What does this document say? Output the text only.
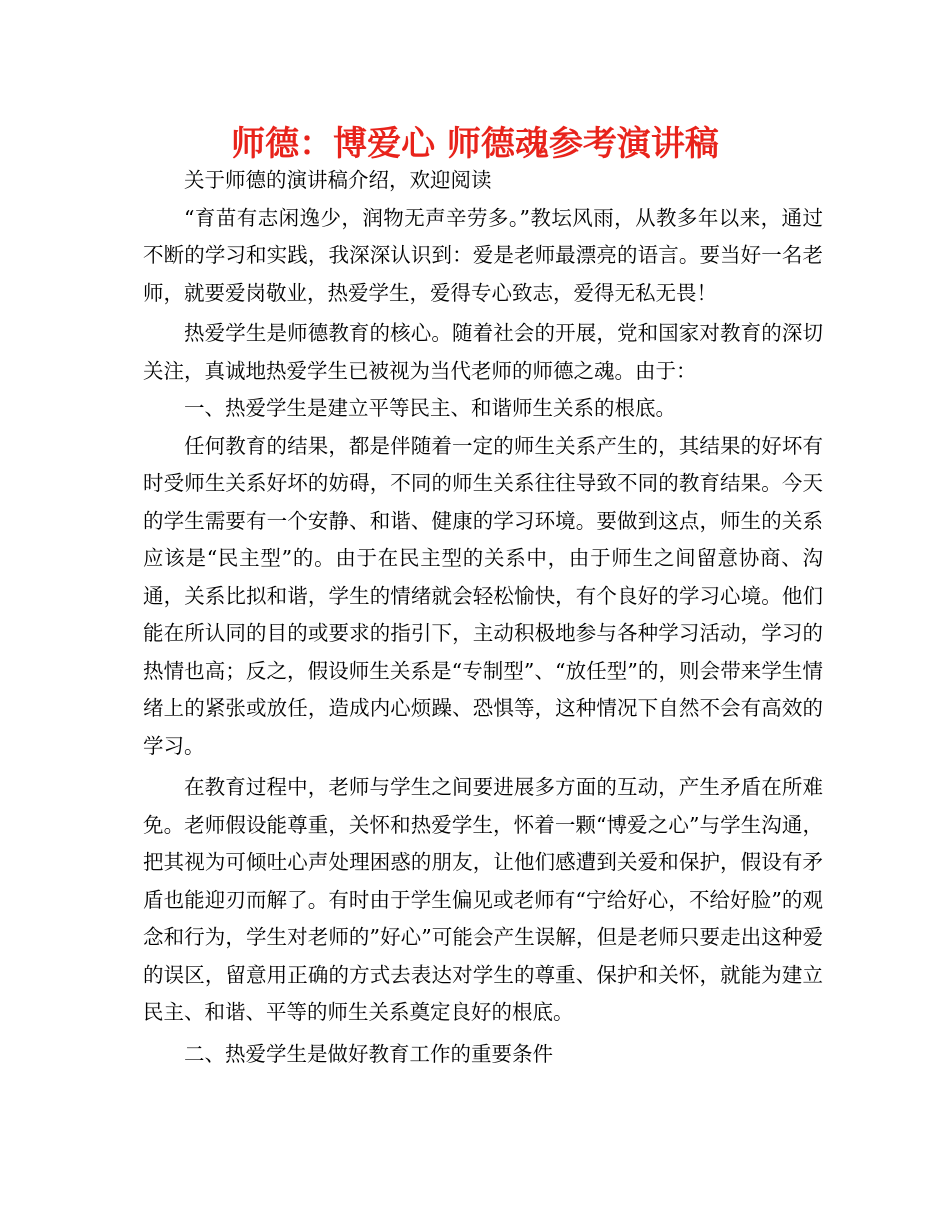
师德：博爱心 师德魂参考演讲稿

关于师德的演讲稿介绍，欢迎阅读

“育苗有志闲逸少，润物无声辛劳多。”教坛风雨，从教多年以来，通过不断的学习和实践，我深深认识到：爱是老师最漂亮的语言。要当好一名老师，就要爱岗敬业，热爱学生，爱得专心致志，爱得无私无畏！

热爱学生是师德教育的核心。随着社会的开展，党和国家对教育的深切关注，真诚地热爱学生已被视为当代老师的师德之魂。由于：

一、热爱学生是建立平等民主、和谐师生关系的根底。

任何教育的结果，都是伴随着一定的师生关系产生的，其结果的好坏有时受师生关系好坏的妨碍，不同的师生关系往往导致不同的教育结果。今天的学生需要有一个安静、和谐、健康的学习环境。要做到这点，师生的关系应该是“民主型”的。由于在民主型的关系中，由于师生之间留意协商、沟通，关系比拟和谐，学生的情绪就会轻松愉快，有个良好的学习心境。他们能在所认同的目的或要求的指引下，主动积极地参与各种学习活动，学习的热情也高；反之，假设师生关系是“专制型”、“放任型”的，则会带来学生情绪上的紧张或放任，造成内心烦躁、恐惧等，这种情况下自然不会有高效的学习。

在教育过程中，老师与学生之间要进展多方面的互动，产生矛盾在所难免。老师假设能尊重，关怀和热爱学生，怀着一颗“博爱之心”与学生沟通，把其视为可倾吐心声处理困惑的朋友，让他们感遭到关爱和保护，假设有矛盾也能迎刃而解了。有时由于学生偏见或老师有“宁给好心，不给好脸”的观念和行为，学生对老师的”好心”可能会产生误解，但是老师只要走出这种爱的误区，留意用正确的方式去表达对学生的尊重、保护和关怀，就能为建立民主、和谐、平等的师生关系奠定良好的根底。

二、热爱学生是做好教育工作的重要条件
